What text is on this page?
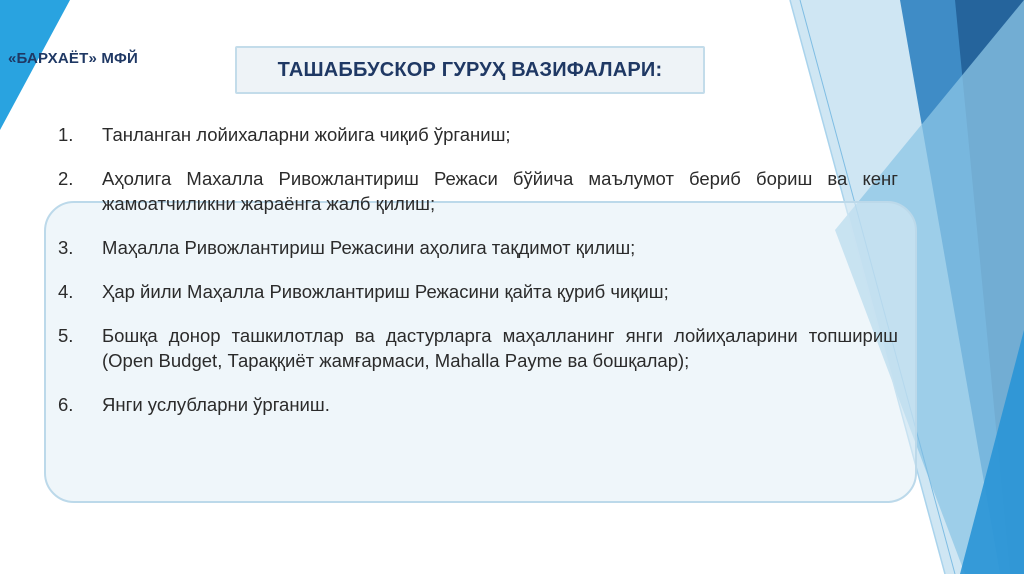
«БАРХАЁТ» МФЙ	ТАШАББУСКОР ГУРУҲ ВАЗИФАЛАРИ:
1.	Танланган лойихаларни жойига чиқиб ўрганиш;
2.	Аҳолига Махалла Ривожлантириш Режаси бўйича маълумот бериб бориш ва кенг жамоатчиликни жараёнга жалб қилиш;
3.	Маҳалла Ривожлантириш Режасини аҳолига тақдимот қилиш;
4.	Ҳар йили Маҳалла Ривожлантириш Режасини қайта қуриб чиқиш;
5.	Бошқа донор ташкилотлар ва дастурларга маҳалланинг янги лойиҳаларини топшириш (Open Budget, Тараққиёт жамғармаси, Mahalla Payme ва бошқалар);
6.	Янги услубларни ўрганиш.
